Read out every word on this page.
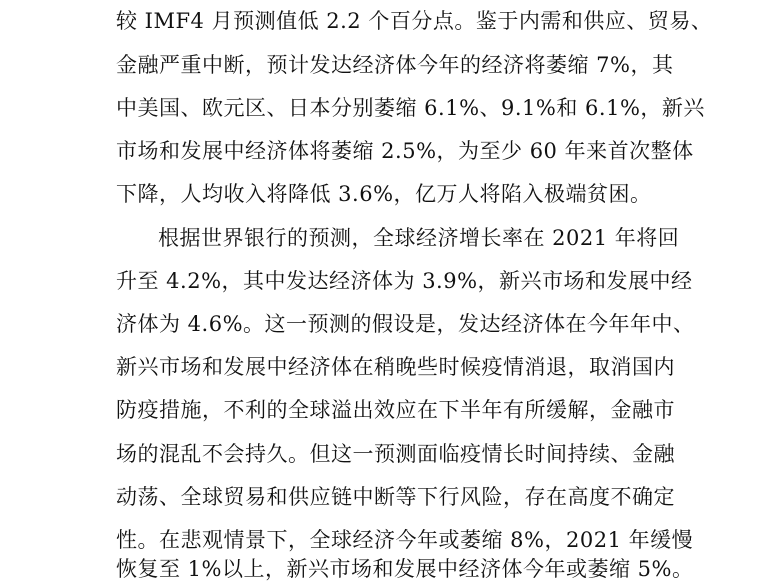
较 IMF4 月预测值低 2.2 个百分点。鉴于内需和供应、贸易、
金融严重中断，预计发达经济体今年的经济将萎缩 7%，其
中美国、欧元区、日本分别萎缩 6.1%、9.1%和 6.1%，新兴
市场和发展中经济体将萎缩 2.5%，为至少 60 年来首次整体
下降，人均收入将降低 3.6%，亿万人将陷入极端贫困。
根据世界银行的预测，全球经济增长率在 2021 年将回
升至 4.2%，其中发达经济体为 3.9%，新兴市场和发展中经
济体为 4.6%。这一预测的假设是，发达经济体在今年年中、
新兴市场和发展中经济体在稍晚些时候疫情消退，取消国内
防疫措施，不利的全球溢出效应在下半年有所缓解，金融市
场的混乱不会持久。但这一预测面临疫情长时间持续、金融
动荡、全球贸易和供应链中断等下行风险，存在高度不确定
性。在悲观情景下，全球经济今年或萎缩 8%，2021 年缓慢
恢复至 1%以上，新兴市场和发展中经济体今年或萎缩 5%。
